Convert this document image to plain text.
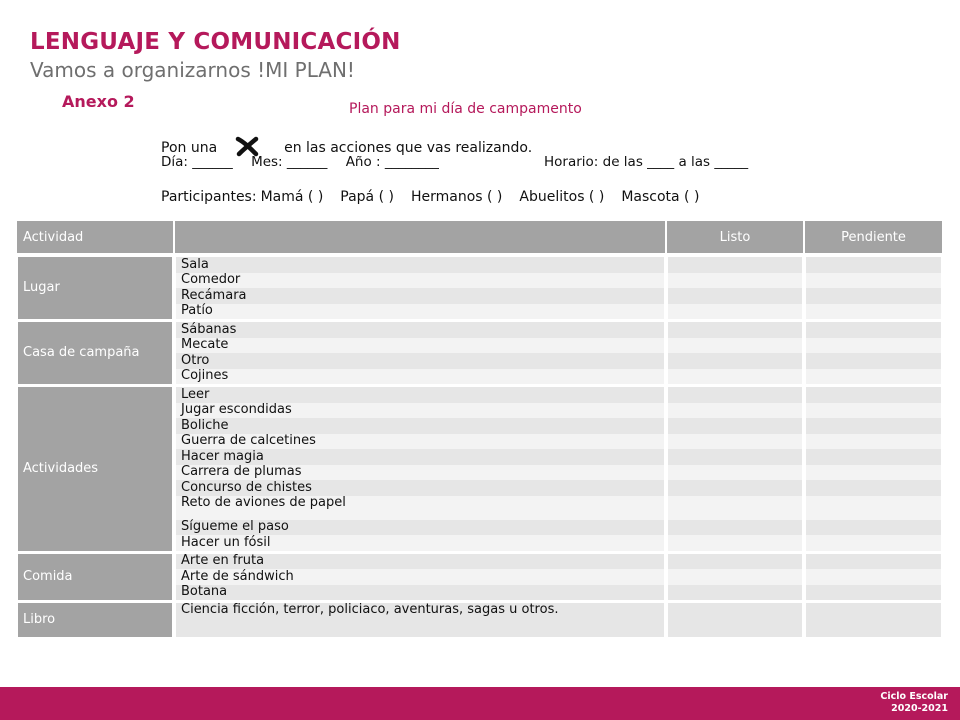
LENGUAJE Y COMUNICACIÓN
Vamos a organizarnos !MI PLAN!
Anexo 2	Plan para mi día de campamento
Pon una	en las acciones que vas realizando.
Día: ______ Mes: ______ Año : ________	Horario: de las ____ a las _____
Participantes: Mamá ( ) Papá ( ) Hermanos ( ) Abuelitos ( ) Mascota ( )
Actividad		Listo	Pendiente
Lugar	Sala		
	Comedor		
	Recámara		
	Patío		
Casa de campaña	Sábanas		
	Mecate		
	Otro		
	Cojines		
Actividades	Leer		
	Jugar escondidas		
	Boliche		
	Guerra de calcetines		
	Hacer magia		
	Carrera de plumas		
	Concurso de chistes		
	Reto de aviones de papel		
	Sígueme el paso		
	Hacer un fósil		
Comida	Arte en fruta		
	Arte de sándwich		
	Botana		
Libro	Ciencia ficción, terror, policiaco, aventuras, sagas u otros.		
Ciclo Escolar
2020-2021
